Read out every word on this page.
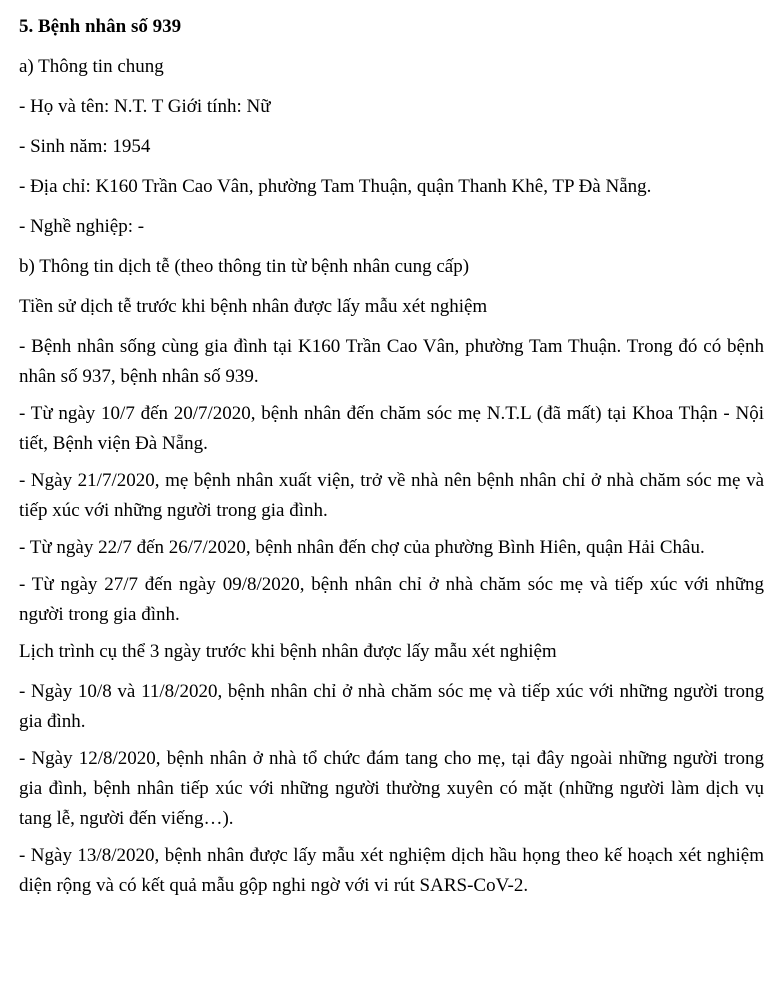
5. Bệnh nhân số 939
a) Thông tin chung
- Họ và tên: N.T. T Giới tính: Nữ
- Sinh năm: 1954
- Địa chỉ: K160 Trần Cao Vân, phường Tam Thuận, quận Thanh Khê, TP Đà Nẵng.
- Nghề nghiệp: -
b) Thông tin dịch tễ (theo thông tin từ bệnh nhân cung cấp)
Tiền sử dịch tễ trước khi bệnh nhân được lấy mẫu xét nghiệm
- Bệnh nhân sống cùng gia đình tại K160 Trần Cao Vân, phường Tam Thuận. Trong đó có bệnh nhân số 937, bệnh nhân số 939.
- Từ ngày 10/7 đến 20/7/2020, bệnh nhân đến chăm sóc mẹ N.T.L (đã mất) tại Khoa Thận - Nội tiết, Bệnh viện Đà Nẵng.
- Ngày 21/7/2020, mẹ bệnh nhân xuất viện, trở về nhà nên bệnh nhân chỉ ở nhà chăm sóc mẹ và tiếp xúc với những người trong gia đình.
- Từ ngày 22/7 đến 26/7/2020, bệnh nhân đến chợ của phường Bình Hiên, quận Hải Châu.
- Từ ngày 27/7 đến ngày 09/8/2020, bệnh nhân chỉ ở nhà chăm sóc mẹ và tiếp xúc với những người trong gia đình.
Lịch trình cụ thể 3 ngày trước khi bệnh nhân được lấy mẫu xét nghiệm
- Ngày 10/8 và 11/8/2020, bệnh nhân chỉ ở nhà chăm sóc mẹ và tiếp xúc với những người trong gia đình.
- Ngày 12/8/2020, bệnh nhân ở nhà tổ chức đám tang cho mẹ, tại đây ngoài những người trong gia đình, bệnh nhân tiếp xúc với những người thường xuyên có mặt (những người làm dịch vụ tang lễ, người đến viếng…).
- Ngày 13/8/2020, bệnh nhân được lấy mẫu xét nghiệm dịch hầu họng theo kế hoạch xét nghiệm diện rộng và có kết quả mẫu gộp nghi ngờ với vi rút SARS-CoV-2.
